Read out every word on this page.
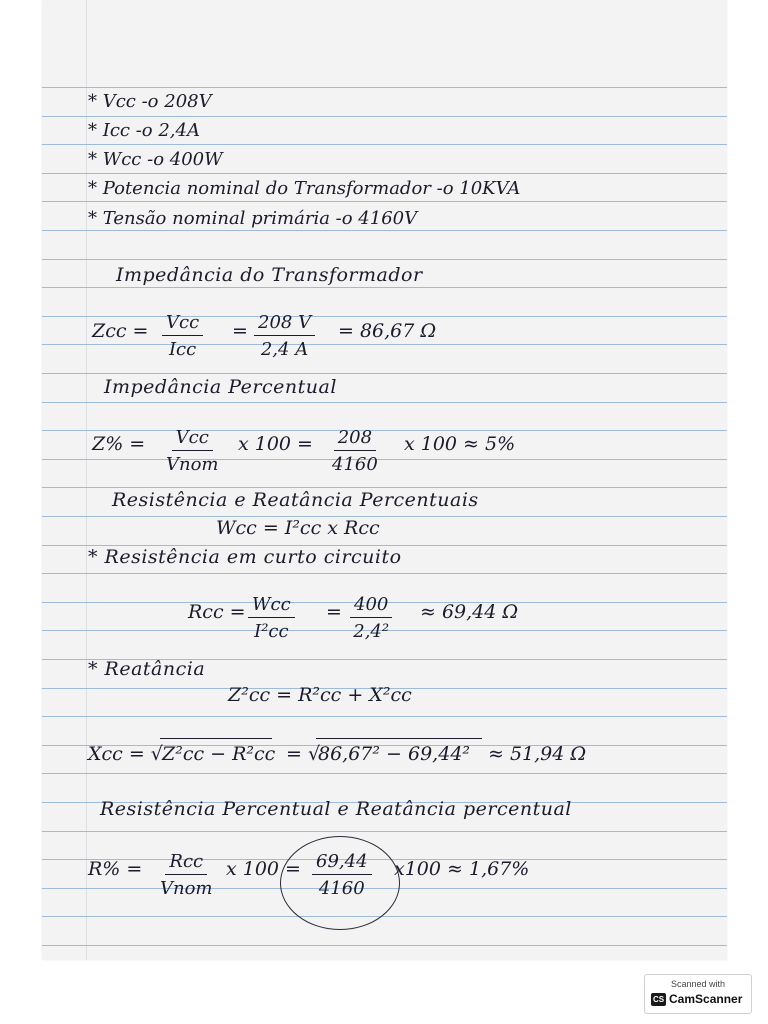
* Vcc -o 208V
* Icc -o 2,4A
* Wcc -o 400W
* Potencia nominal do Transformador -o 10KVA
* Tensão nominal primária -o 4160V
Impedância do Transformador
Zcc = Vcc
Icc
= $\frac{208 V}{2,4 A} = 86,67$ Ω
Impedância Percentual
Z% = Vcc
Vnom
x $100 = \frac{208}{4160}$ x 100 ≈ 5%
Resistência e Reatância Percentuais
Wcc = I²cc x Rcc
* Resistência em curto circuito
Rcc = Wcc
I²cc
= $\frac{400}{\text{2,4²}} \approx 69,44$ Ω
* Reatância
Z²cc = R²cc + X²cc
Xcc = √ Z²cc − R²cc = √
86,67² − 69,44² ≈ 51,94 Ω
Resistência Percentual e Reatância percentual
R% = Rcc
Vnom
x $100 = \frac{69,44}{4160} x100 \approx 1,67\%$
Scanned with
CS CamScanner
